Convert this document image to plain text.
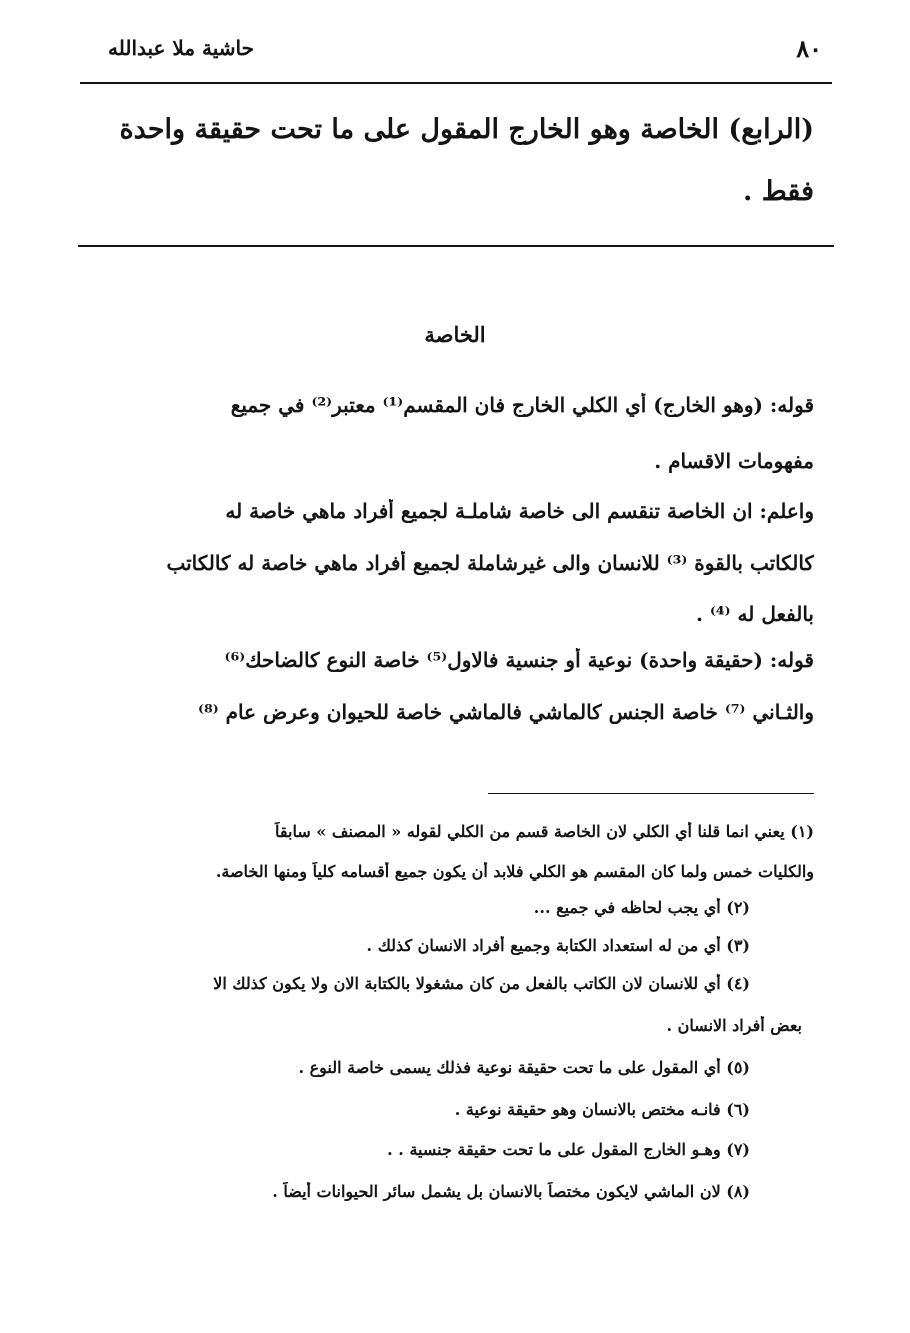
٨٠
حاشية ملا عبدالله
(الرابع) الخاصة وهو الخارج المقول على ما تحت حقيقة واحدة
فقط .
الخاصة
قوله: (وهو الخارج) أي الكلي الخارج فان المقسم⁽¹⁾ معتبر⁽²⁾ في جميع
مفهومات الاقسام .
واعلم: ان الخاصة تنقسم الى خاصة شاملـة لجميع أفراد ماهي خاصة له
كالكاتب بالقوة ⁽³⁾ للانسان والى غيرشاملة لجميع أفراد ماهي خاصة له كالكاتب
بالفعل له ⁽⁴⁾ .
قوله: (حقيقة واحدة) نوعية أو جنسية فالاول⁽⁵⁾ خاصة النوع كالضاحك⁽⁶⁾
والثـاني ⁽⁷⁾ خاصة الجنس كالماشي فالماشي خاصة للحيوان وعرض عام ⁽⁸⁾
(١) يعني انما قلنا أي الكلي لان الخاصة قسم من الكلي لقوله « المصنف » سابقاً
والكليات خمس ولما كان المقسم هو الكلي فلابد أن يكون جميع أقسامه كلياً ومنها الخاصة.
(٢) أي يجب لحاظه في جميع ...
(٣) أي من له استعداد الكتابة وجميع أفراد الانسان كذلك .
(٤) أي للانسان لان الكاتب بالفعل من كان مشغولا بالكتابة الان ولا يكون كذلك الا
بعض أفراد الانسان .
(٥) أي المقول على ما تحت حقيقة نوعية فذلك يسمى خاصة النوع .
(٦) فانـه مختص بالانسان وهو حقيقة نوعية .
(٧) وهـو الخارج المقول على ما تحت حقيقة جنسية . .
(٨) لان الماشي لايكون مختصاً بالانسان بل يشمل سائر الحيوانات أيضاً .
